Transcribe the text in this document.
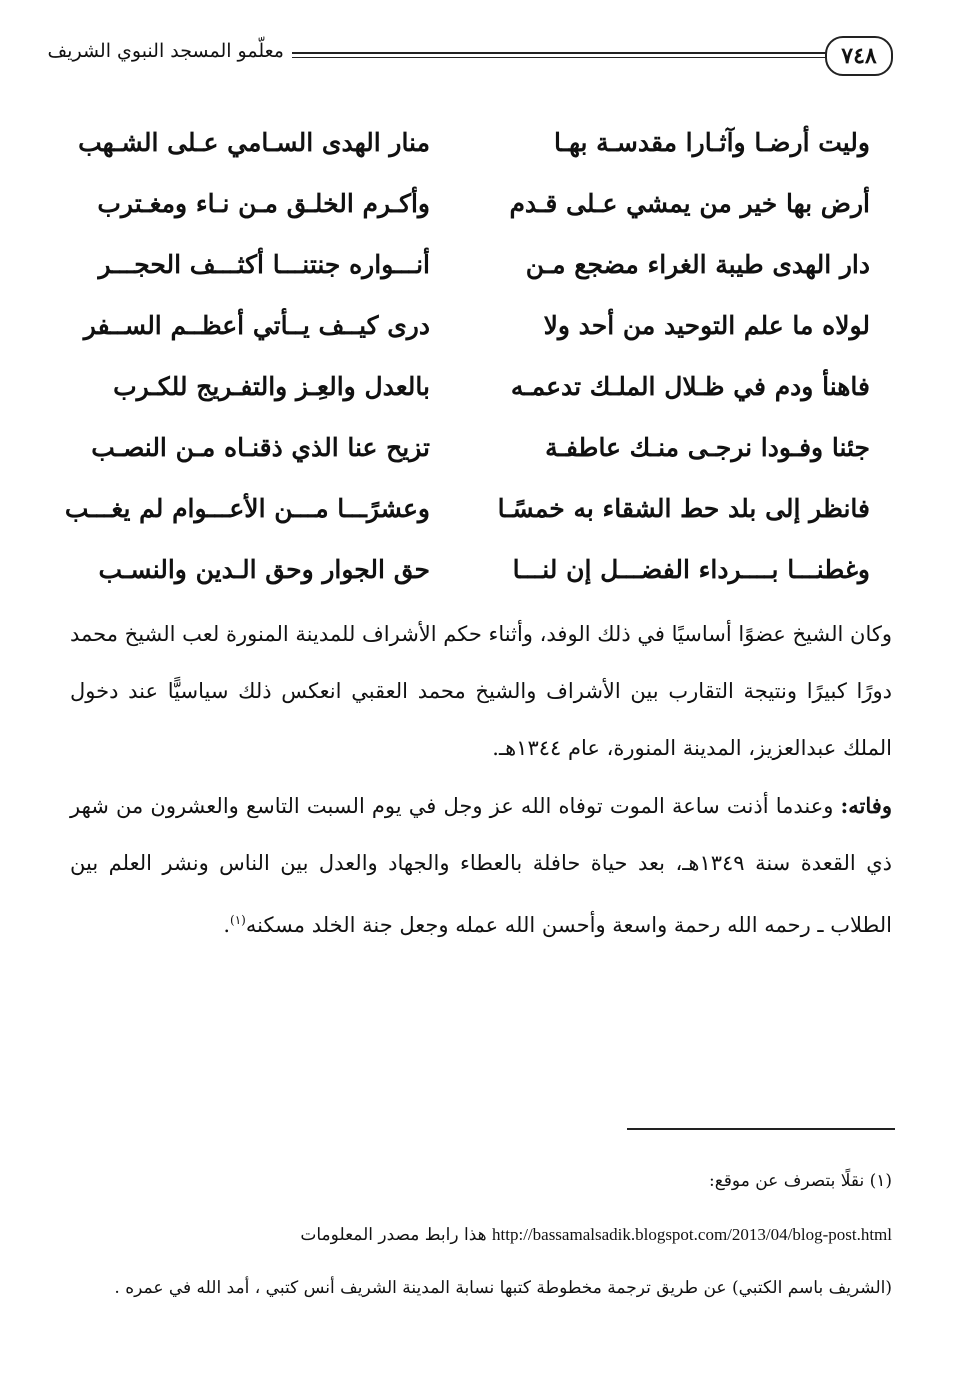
٧٤٨
معلّمو المسجد النبوي الشريف
وليت أرضـا وآثـارا مقدسـة بهـا
منار الهدى السـامي عـلى الشـهب
أرض بها خير من يمشي عـلى قـدم
وأكـرم الخلـق مـن نـاء ومغـترب
دار الهدى طيبة الغراء مضجع مـن
أنـــواره جنتنـــا أكثـــف الحجـــر
لولاه ما علم التوحيد من أحد ولا
درى كيــف يــأتي أعظــم الســفر
فاهنأ ودم في ظـلال الملـك تدعمـه
بالعدل والعِـز والتفـريج للكـرب
جئنا وفـودا نرجـى منـك عاطفـة
تزيح عنا الذي ذقنـاه مـن النصـب
فانظر إلى بلد حط الشقاء به خمسًـا
وعشرًـــا مـــن الأعـــوام لم يغـــب
وغطنـــا بــــرداء الفضـــل إن لنـــا
حق الجوار وحق الـدين والنسـب

وكان الشيخ عضوًا أساسيًا في ذلك الوفد، وأثناء حكم الأشراف للمدينة المنورة لعب الشيخ محمد دورًا كبيرًا ونتيجة التقارب بين الأشراف والشيخ محمد العقبي انعكس ذلك سياسيًّا عند دخول الملك عبدالعزيز، المدينة المنورة، عام ١٣٤٤هـ.

وفاته: وعندما أذنت ساعة الموت توفاه الله عز وجل في يوم السبت التاسع والعشرون من شهر ذي القعدة سنة ١٣٤٩هـ، بعد حياة حافلة بالعطاء والجهاد والعدل بين الناس ونشر العلم بين الطلاب ـ رحمه الله رحمة واسعة وأحسن الله عمله وجعل جنة الخلد مسكنه$^{(١)}$.

(١) نقلًا بتصرف عن موقع:

http://bassamalsadik.blogspot.com/2013/04/blog-post.html هذا رابط مصدر المعلومات

(الشريف باسم الكتبي) عن طريق ترجمة مخطوطة كتبها نسابة المدينة الشريف أنس كتبي ، أمد الله في عمره .
